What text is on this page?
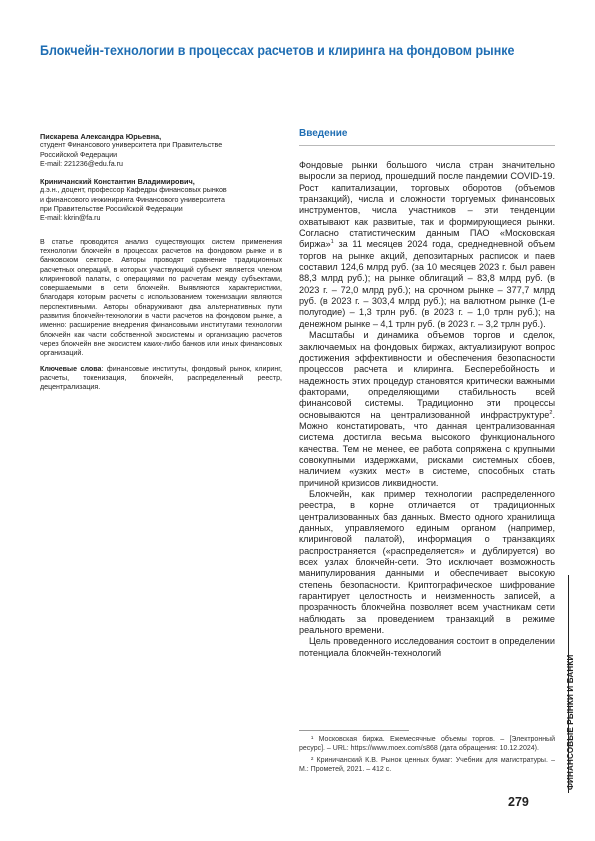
Блокчейн-технологии в процессах расчетов и клиринга на фондовом рынке
Пискарева Александра Юрьевна,
студент Финансового университета при Правительстве
Российской Федерации
E-mail: 221236@edu.fa.ru
Криничанский Константин Владимирович,
д.э.н., доцент, профессор Кафедры финансовых рынков
и финансового инжиниринга Финансового университета
при Правительстве Российской Федерации
E-mail: kkrin@fa.ru
В статье проводится анализ существующих систем применения технологии блокчейн в процессах расчетов на фондовом рынке и в банковском секторе. Авторы проводят сравнение традиционных расчетных операций, в которых участвующий субъект является членом клиринговой палаты, с операциями по расчетам между субъектами, совершаемыми в сети блокчейн. Выявляются характеристики, благодаря которым расчеты с использованием токенизации являются перспективными. Авторы обнаруживают два альтернативных пути развития блокчейн-технологии в части расчетов на фондовом рынке, а именно: расширение внедрения финансовыми институтами технологии блокчейн как части собственной экосистемы и организацию расчетов через блокчейн вне экосистем каких-либо банков или иных финансовых организаций.
Ключевые слова: финансовые институты, фондовый рынок, клиринг, расчеты, токенизация, блокчейн, распределенный реестр, децентрализация.
Введение

Фондовые рынки большого числа стран значительно выросли за период, прошедший после пандемии COVID-19. Рост капитализации, торговых оборотов (объемов транзакций), числа и сложности торгуемых финансовых инструментов, числа участников – эти тенденции охватывают как развитые, так и формирующиеся рынки. Согласно статистическим данным ПАО «Московская биржа»$^1$ за 11 месяцев 2024 года, среднедневной объем торгов на рынке акций, депозитарных расписок и паев составил 124,6 млрд руб. (за 10 месяцев 2023 г. был равен 88,3 млрд руб.); на рынке облигаций – 83,8 млрд руб. (в 2023 г. – 72,0 млрд руб.); на срочном рынке – 377,7 млрд руб. (в 2023 г. – 303,4 млрд руб.); на валютном рынке (1-е полугодие) – 1,3 трлн руб. (в 2023 г. – 1,0 трлн руб.); на денежном рынке – 4,1 трлн руб. (в 2023 г. – 3,2 трлн руб.).

Масштабы и динамика объемов торгов и сделок, заключаемых на фондовых биржах, актуализируют вопрос достижения эффективности и обеспечения безопасности процессов расчета и клиринга. Бесперебойность и надежность этих процедур становятся критически важными факторами, определяющими стабильность всей финансовой системы. Традиционно эти процессы основываются на централизованной инфраструктуре$^2$. Можно констатировать, что данная централизованная система достигла весьма высокого функционального качества. Тем не менее, ее работа сопряжена с крупными совокупными издержками, рисками системных сбоев, наличием «узких мест» в системе, способных стать причиной кризисов ликвидности.

Блокчейн, как пример технологии распределенного реестра, в корне отличается от традиционных централизованных баз данных. Вместо одного хранилища данных, управляемого единым органом (например, клиринговой палатой), информация о транзакциях распространяется («распределяется» и дублируется) во всех узлах блокчейн-сети. Это исключает возможность манипулирования данными и обеспечивает высокую степень безопасности. Криптографическое шифрование гарантирует целостность и неизменность записей, а прозрачность блокчейна позволяет всем участникам сети наблюдать за проведением транзакций в режиме реального времени.

Цель проведенного исследования состоит в определении потенциала блокчейн-технологий

¹ Московская биржа. Ежемесячные объемы торгов. – [Электронный ресурс]. – URL: https://www.moex.com/s868 (дата обращения: 10.12.2024).

² Криничанский К.В. Рынок ценных бумаг: Учебник для магистратуры. – М.: Прометей, 2021. – 412 с.	ФИНАНСОВЫЕ РЫНКИ И БАНКИ
279
